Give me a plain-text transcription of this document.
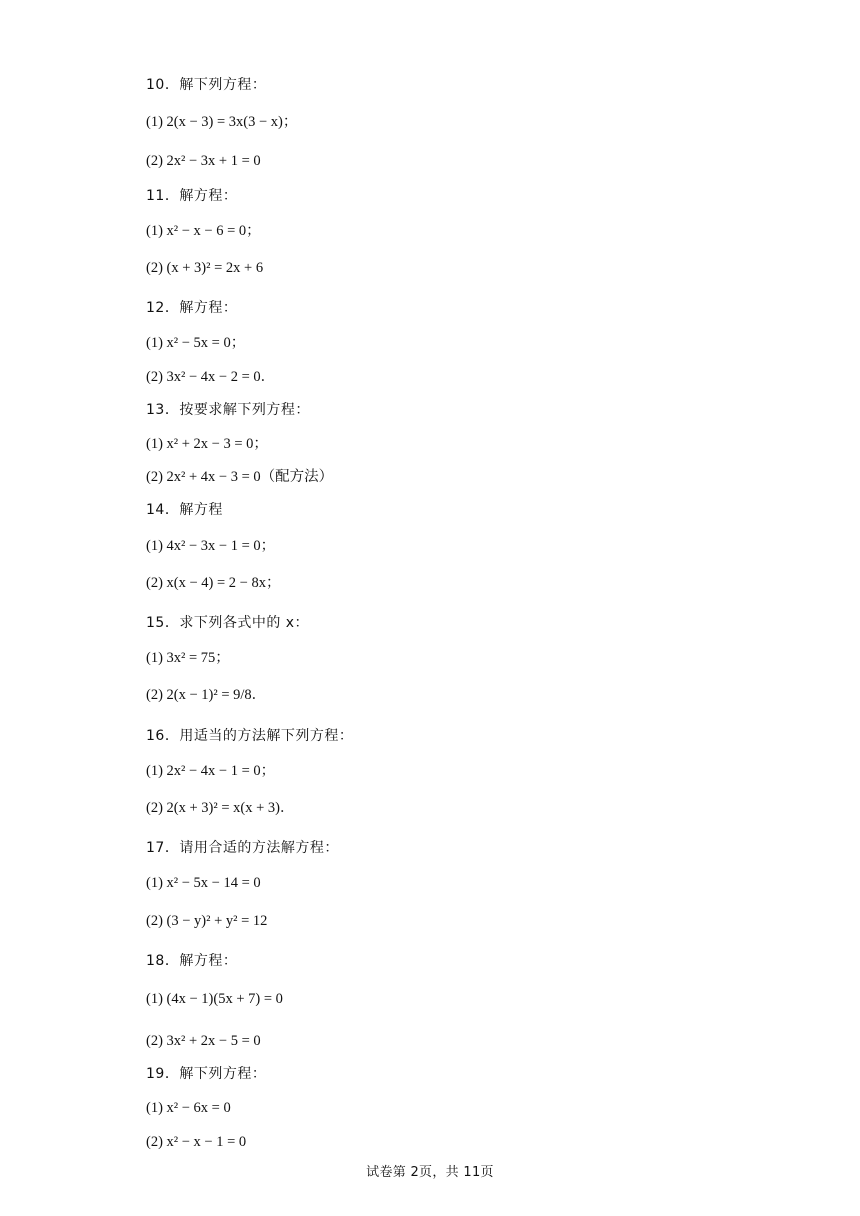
10．解下列方程：
(1) 2(x − 3) = 3x(3 − x)；
(2) 2x² − 3x + 1 = 0
11．解方程：
(1) x² − x − 6 = 0；
(2) (x + 3)² = 2x + 6
12．解方程：
(1) x² − 5x = 0；
(2) 3x² − 4x − 2 = 0．
13．按要求解下列方程：
(1) x² + 2x − 3 = 0；
(2) 2x² + 4x − 3 = 0（配方法）
14．解方程
(1) 4x² − 3x − 1 = 0；
(2) x(x − 4) = 2 − 8x；
15．求下列各式中的 x：
(1) 3x² = 75；
(2) 2(x − 1)² = 9/8．
16．用适当的方法解下列方程：
(1) 2x² − 4x − 1 = 0；
(2) 2(x + 3)² = x(x + 3)．
17．请用合适的方法解方程：
(1) x² − 5x − 14 = 0
(2) (3 − y)² + y² = 12
18．解方程：
(1) (4x − 1)(5x + 7) = 0
(2) 3x² + 2x − 5 = 0
19．解下列方程：
(1) x² − 6x = 0
(2) x² − x − 1 = 0
试卷第 2页，共 11页
